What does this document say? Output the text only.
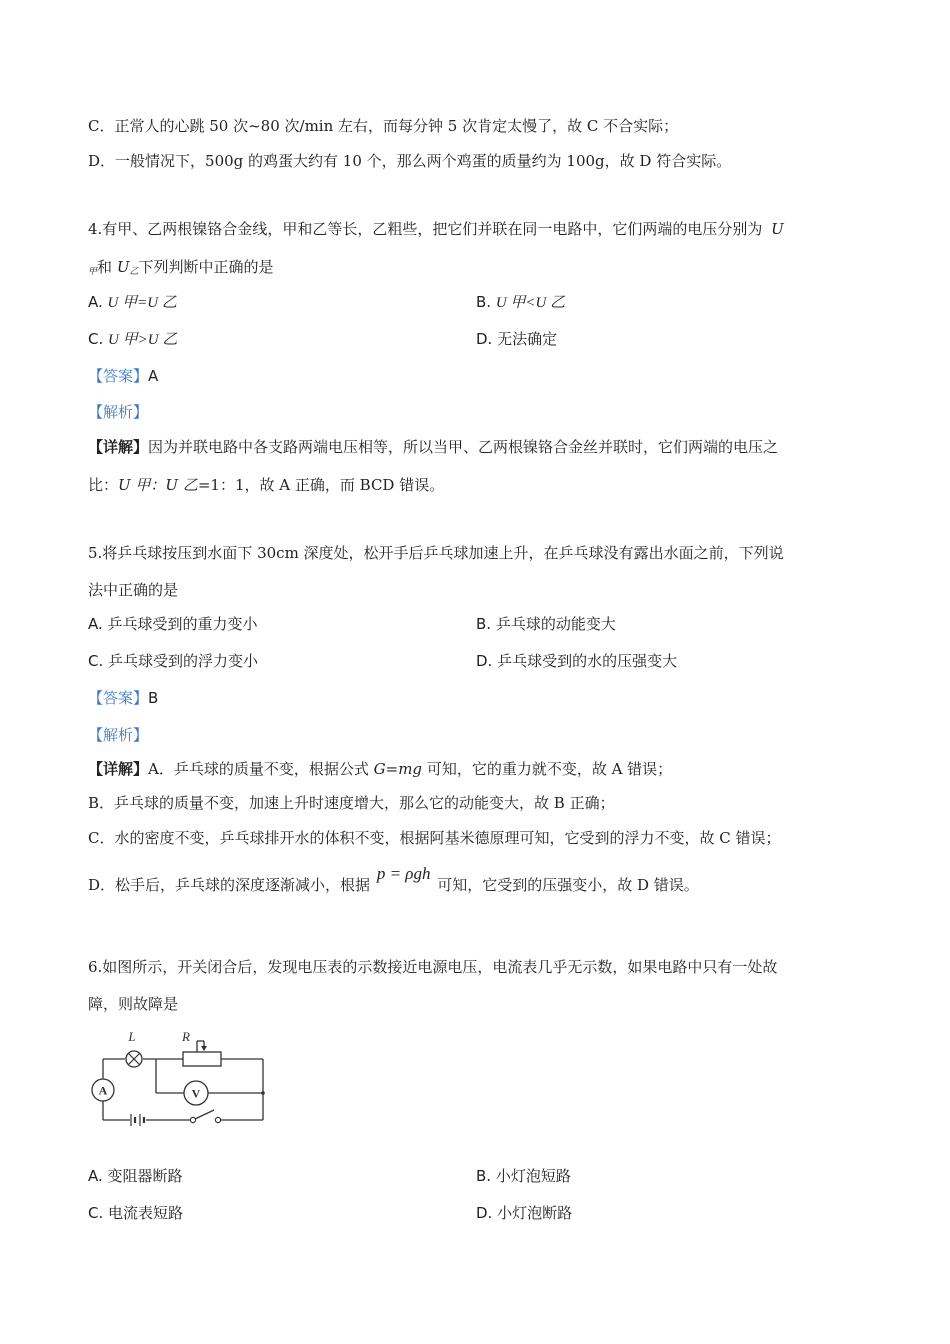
C．正常人的心跳 50 次~80 次/min 左右，而每分钟 5 次肯定太慢了，故 C 不合实际；
D．一般情况下，500g 的鸡蛋大约有 10 个，那么两个鸡蛋的质量约为 100g，故 D 符合实际。
4.有甲、乙两根镍铬合金线，甲和乙等长，乙粗些，把它们并联在同一电路中，它们两端的电压分别为 U
$_甲$和 $U_乙$下列判断中正确的是
A. U 甲=U 乙	B. U 甲<U 乙
C. U 甲>U 乙	D. 无法确定
【答案】A
【解析】
【详解】因为并联电路中各支路两端电压相等，所以当甲、乙两根镍铬合金丝并联时，它们两端的电压之
比：U 甲：U 乙=1：1，故 A 正确，而 BCD 错误。
5.将乒乓球按压到水面下 30cm 深度处，松开手后乒乓球加速上升，在乒乓球没有露出水面之前，下列说
法中正确的是
A. 乒乓球受到的重力变小	B. 乒乓球的动能变大
C. 乒乓球受到的浮力变小	D. 乒乓球受到的水的压强变大
【答案】B
【解析】
【详解】A．乒乓球的质量不变，根据公式 G=mg 可知，它的重力就不变，故 A 错误；
B．乒乓球的质量不变，加速上升时速度增大，那么它的动能变大，故 B 正确；
C．水的密度不变，乒乓球排开水的体积不变，根据阿基米德原理可知，它受到的浮力不变，故 C 错误；
D．松手后，乒乓球的深度逐渐减小，根据 p = ρgh 可知，它受到的压强变小，故 D 错误。
6.如图所示，开关闭合后，发现电压表的示数接近电源电压，电流表几乎无示数，如果电路中只有一处故
障，则故障是
A	V
L	R
A. 变阻器断路	B. 小灯泡短路
C. 电流表短路	D. 小灯泡断路
